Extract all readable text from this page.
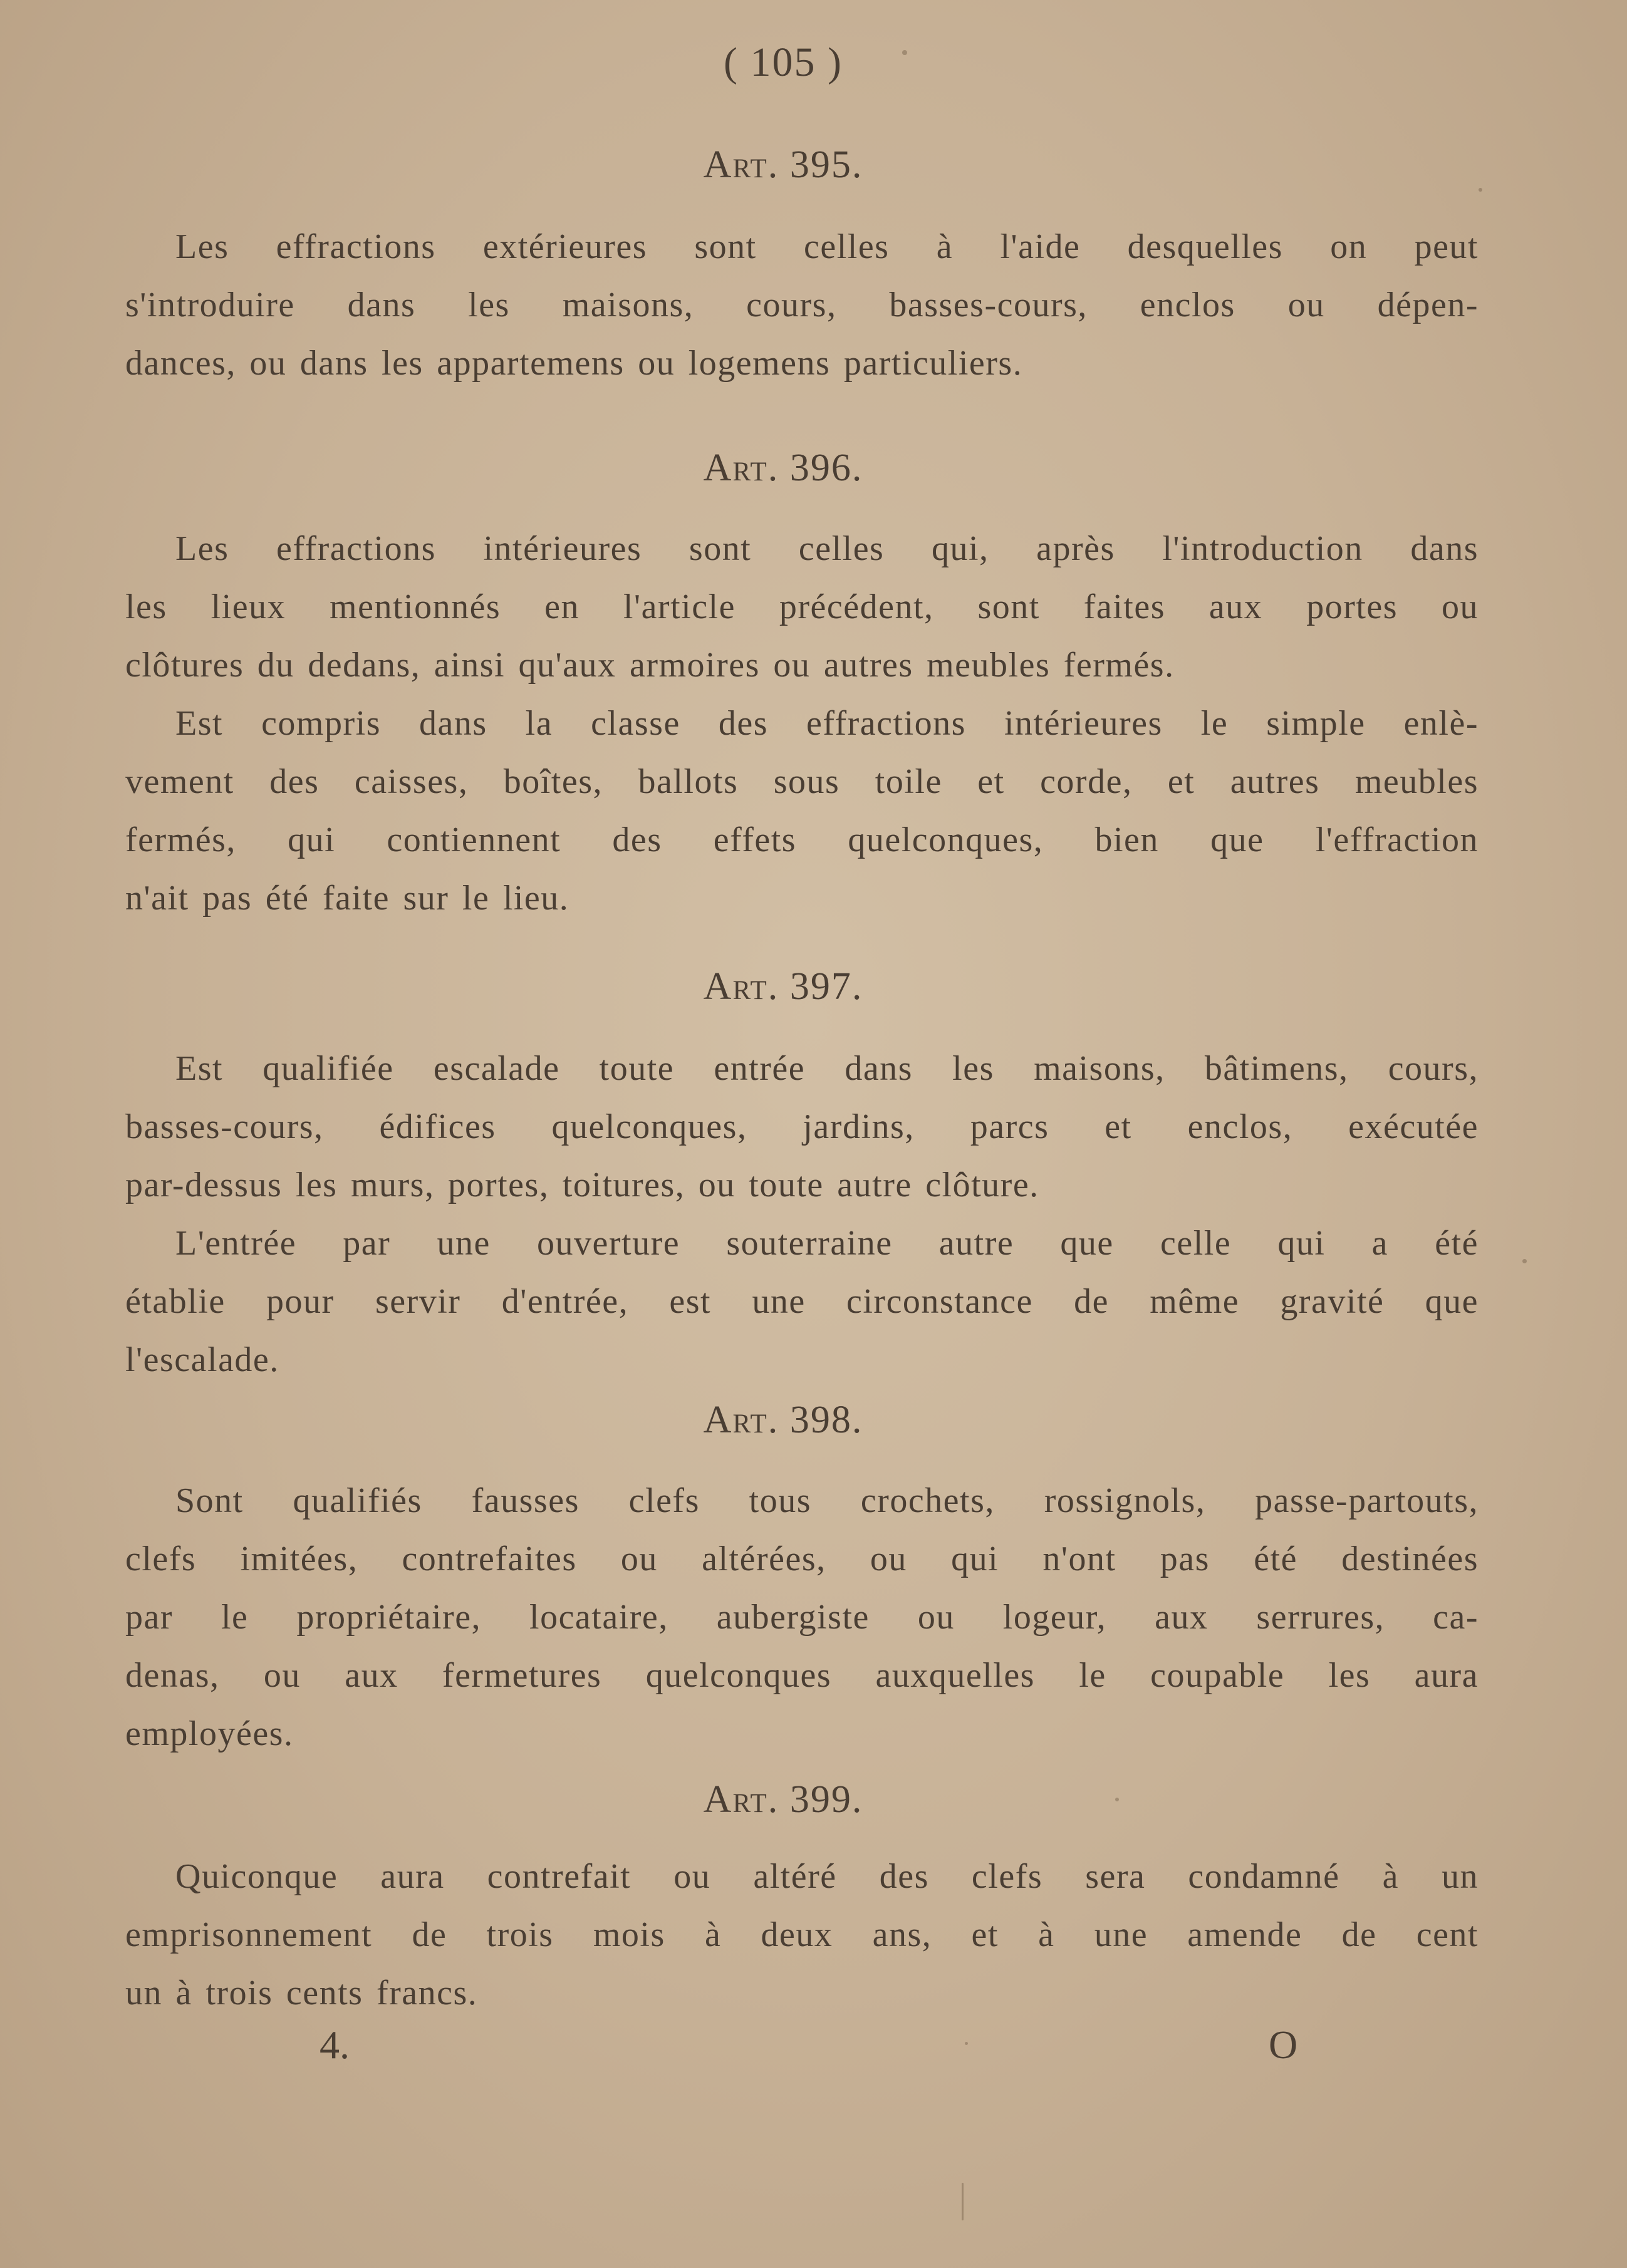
( 105 )
Art. 395.
Les effractions extérieures sont celles à l'aide desquelles on peut
s'introduire dans les maisons, cours, basses-cours, enclos ou dépen-
dances, ou dans les appartemens ou logemens particuliers.
Art. 396.
Les effractions intérieures sont celles qui, après l'introduction dans
les lieux mentionnés en l'article précédent, sont faites aux portes ou
clôtures du dedans, ainsi qu'aux armoires ou autres meubles fermés.
Est compris dans la classe des effractions intérieures le simple enlè-
vement des caisses, boîtes, ballots sous toile et corde, et autres meubles
fermés, qui contiennent des effets quelconques, bien que l'effraction
n'ait pas été faite sur le lieu.
Art. 397.
Est qualifiée escalade toute entrée dans les maisons, bâtimens, cours,
basses-cours, édifices quelconques, jardins, parcs et enclos, exécutée
par-dessus les murs, portes, toitures, ou toute autre clôture.
L'entrée par une ouverture souterraine autre que celle qui a été
établie pour servir d'entrée, est une circonstance de même gravité que
l'escalade.
Art. 398.
Sont qualifiés fausses clefs tous crochets, rossignols, passe-partouts,
clefs imitées, contrefaites ou altérées, ou qui n'ont pas été destinées
par le propriétaire, locataire, aubergiste ou logeur, aux serrures, ca-
denas, ou aux fermetures quelconques auxquelles le coupable les aura
employées.
Art. 399.
Quiconque aura contrefait ou altéré des clefs sera condamné à un
emprisonnement de trois mois à deux ans, et à une amende de cent
un à trois cents francs.
4.	O
